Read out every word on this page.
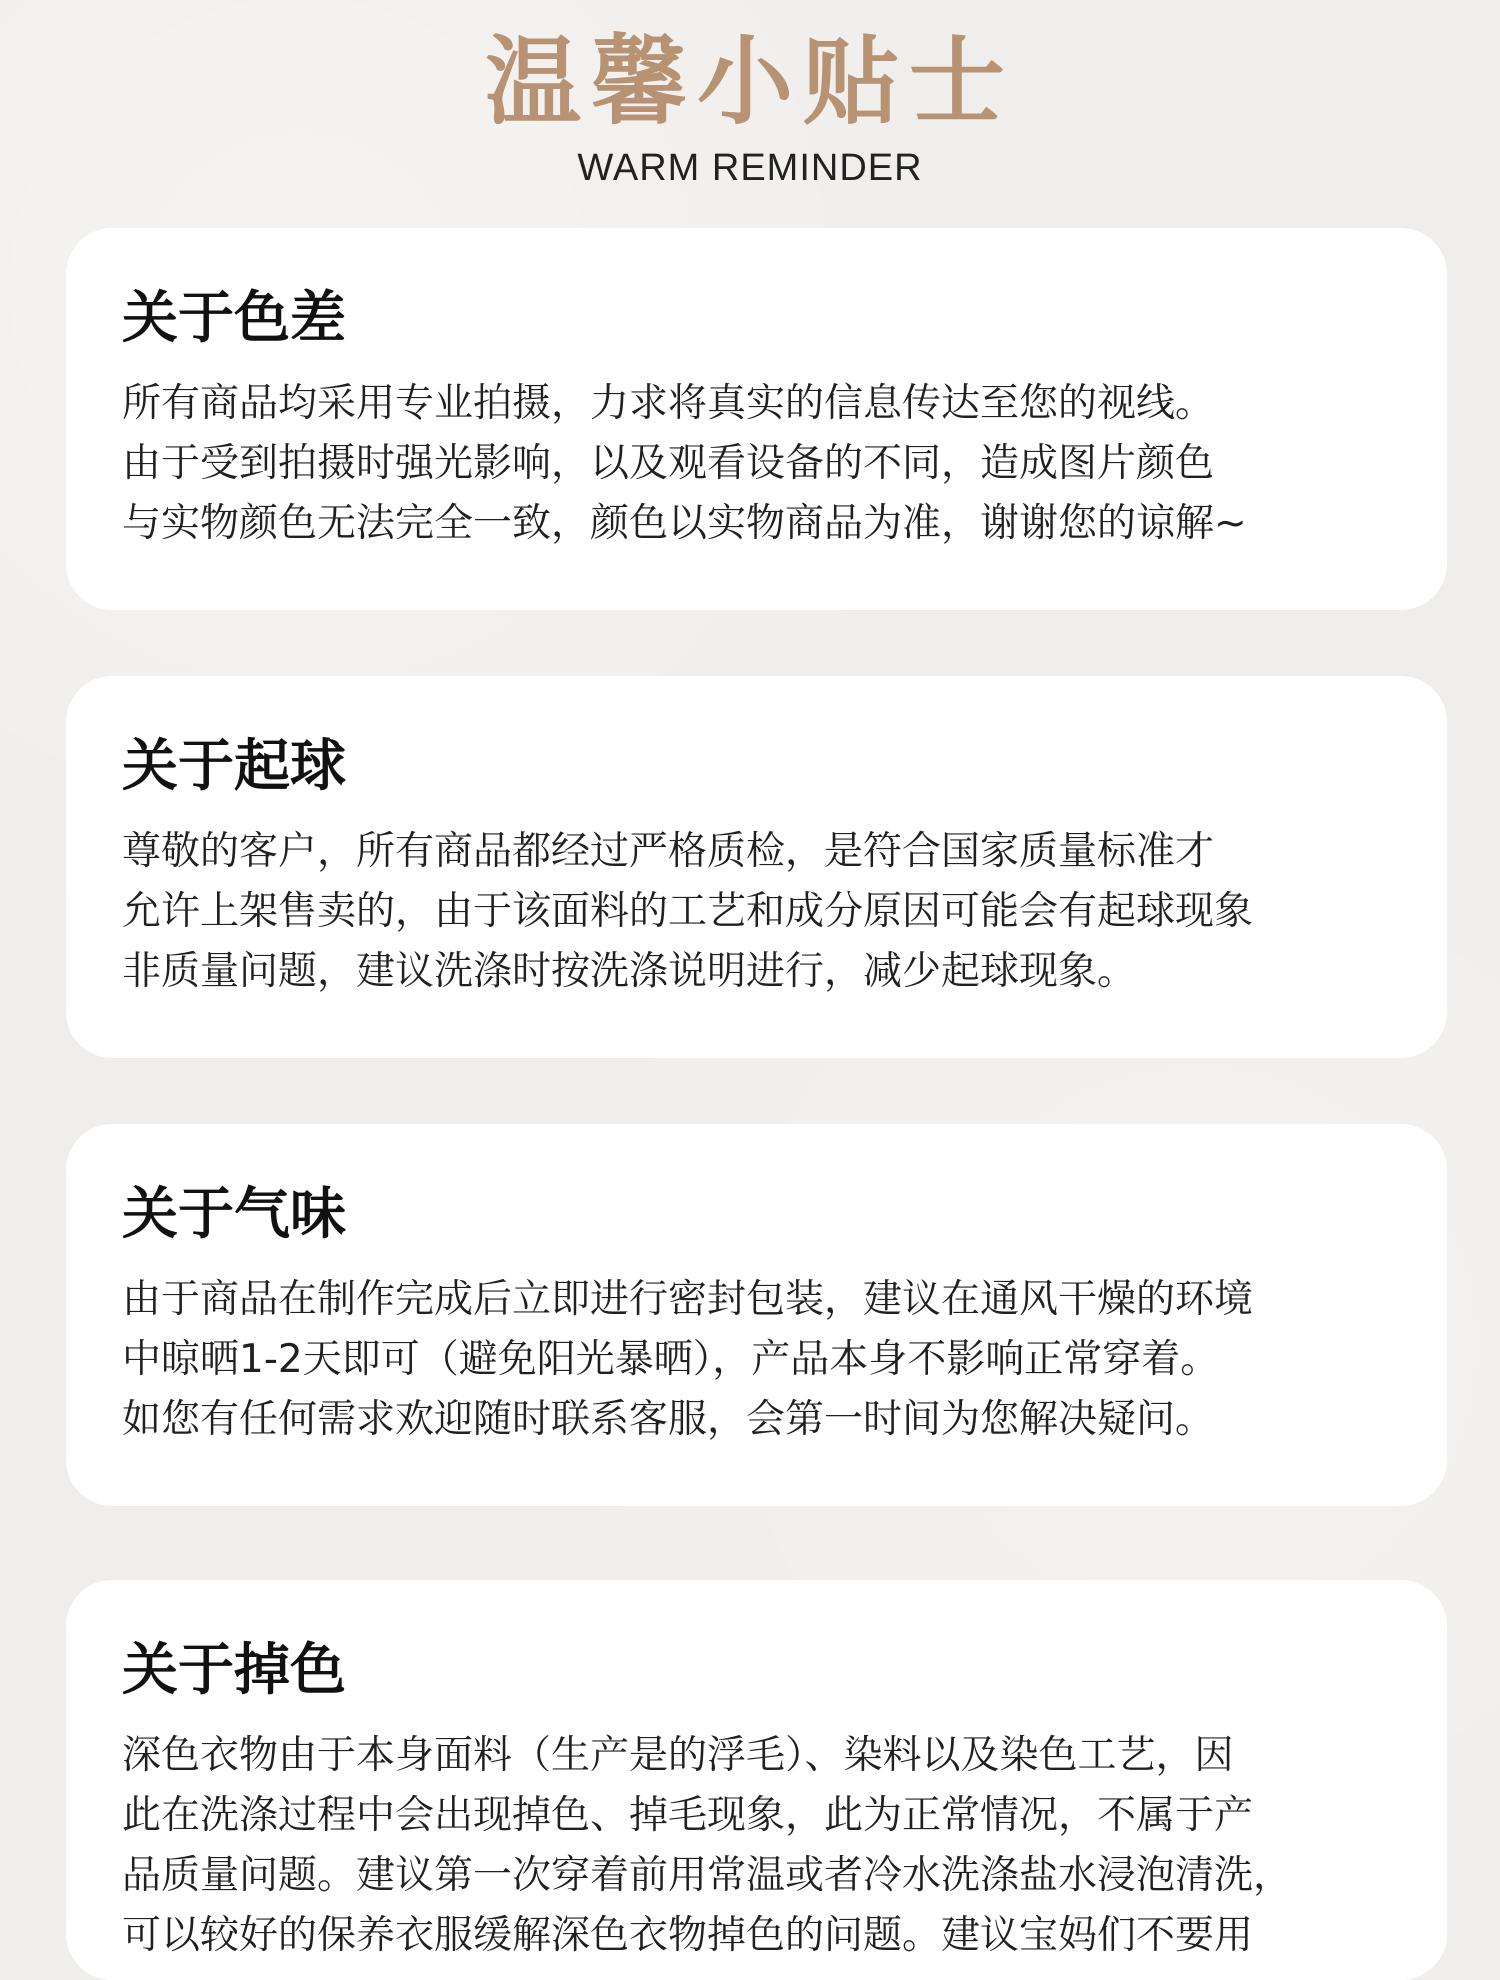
温馨小贴士
WARM REMINDER
关于色差
所有商品均采用专业拍摄，力求将真实的信息传达至您的视线。
由于受到拍摄时强光影响，以及观看设备的不同，造成图片颜色
与实物颜色无法完全一致，颜色以实物商品为准，谢谢您的谅解~
关于起球
尊敬的客户，所有商品都经过严格质检，是符合国家质量标准才
允许上架售卖的，由于该面料的工艺和成分原因可能会有起球现象
非质量问题，建议洗涤时按洗涤说明进行，减少起球现象。
关于气味
由于商品在制作完成后立即进行密封包装，建议在通风干燥的环境
中晾晒1-2天即可（避免阳光暴晒），产品本身不影响正常穿着。
如您有任何需求欢迎随时联系客服，会第一时间为您解决疑问。
关于掉色
深色衣物由于本身面料（生产是的浮毛）、染料以及染色工艺，因
此在洗涤过程中会出现掉色、掉毛现象，此为正常情况，不属于产
品质量问题。建议第一次穿着前用常温或者冷水洗涤盐水浸泡清洗，
可以较好的保养衣服缓解深色衣物掉色的问题。建议宝妈们不要用
